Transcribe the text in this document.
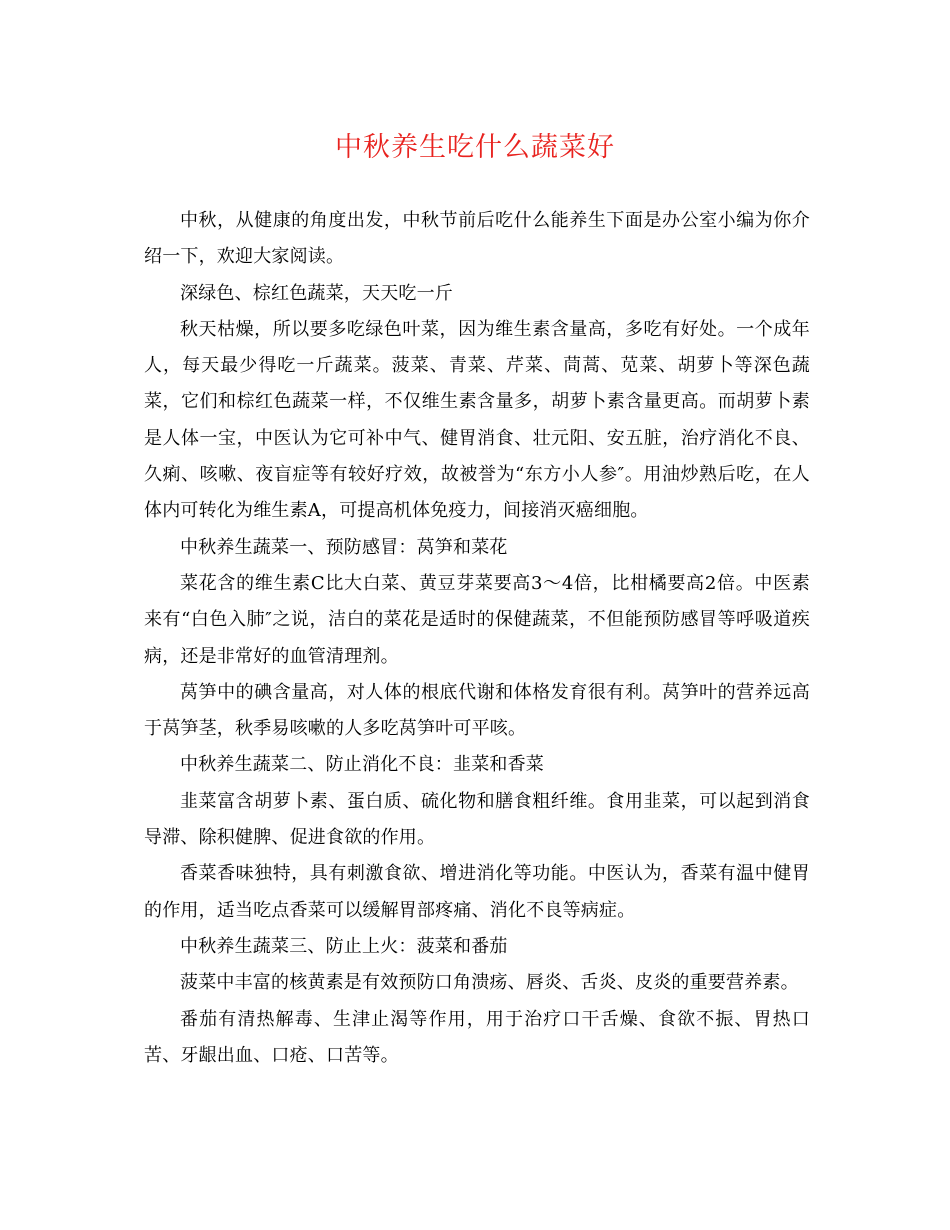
中秋养生吃什么蔬菜好

中秋，从健康的角度出发，中秋节前后吃什么能养生下面是办公室小编为你介绍一下，欢迎大家阅读。

深绿色、棕红色蔬菜，天天吃一斤

秋天枯燥，所以要多吃绿色叶菜，因为维生素含量高，多吃有好处。一个成年人，每天最少得吃一斤蔬菜。菠菜、青菜、芹菜、茼蒿、苋菜、胡萝卜等深色蔬菜，它们和棕红色蔬菜一样，不仅维生素含量多，胡萝卜素含量更高。而胡萝卜素是人体一宝，中医认为它可补中气、健胃消食、壮元阳、安五脏，治疗消化不良、久痢、咳嗽、夜盲症等有较好疗效，故被誉为“东方小人参″。用油炒熟后吃，在人体内可转化为维生素A，可提高机体免疫力，间接消灭癌细胞。

中秋养生蔬菜一、预防感冒：莴笋和菜花

菜花含的维生素C比大白菜、黄豆芽菜要高3～4倍，比柑橘要高2倍。中医素来有“白色入肺″之说，洁白的菜花是适时的保健蔬菜，不但能预防感冒等呼吸道疾病，还是非常好的血管清理剂。

莴笋中的碘含量高，对人体的根底代谢和体格发育很有利。莴笋叶的营养远高于莴笋茎，秋季易咳嗽的人多吃莴笋叶可平咳。

中秋养生蔬菜二、防止消化不良：韭菜和香菜

韭菜富含胡萝卜素、蛋白质、硫化物和膳食粗纤维。食用韭菜，可以起到消食导滞、除积健脾、促进食欲的作用。

香菜香味独特，具有刺激食欲、增进消化等功能。中医认为，香菜有温中健胃的作用，适当吃点香菜可以缓解胃部疼痛、消化不良等病症。

中秋养生蔬菜三、防止上火：菠菜和番茄

菠菜中丰富的核黄素是有效预防口角溃疡、唇炎、舌炎、皮炎的重要营养素。

番茄有清热解毒、生津止渴等作用，用于治疗口干舌燥、食欲不振、胃热口苦、牙龈出血、口疮、口苦等。
